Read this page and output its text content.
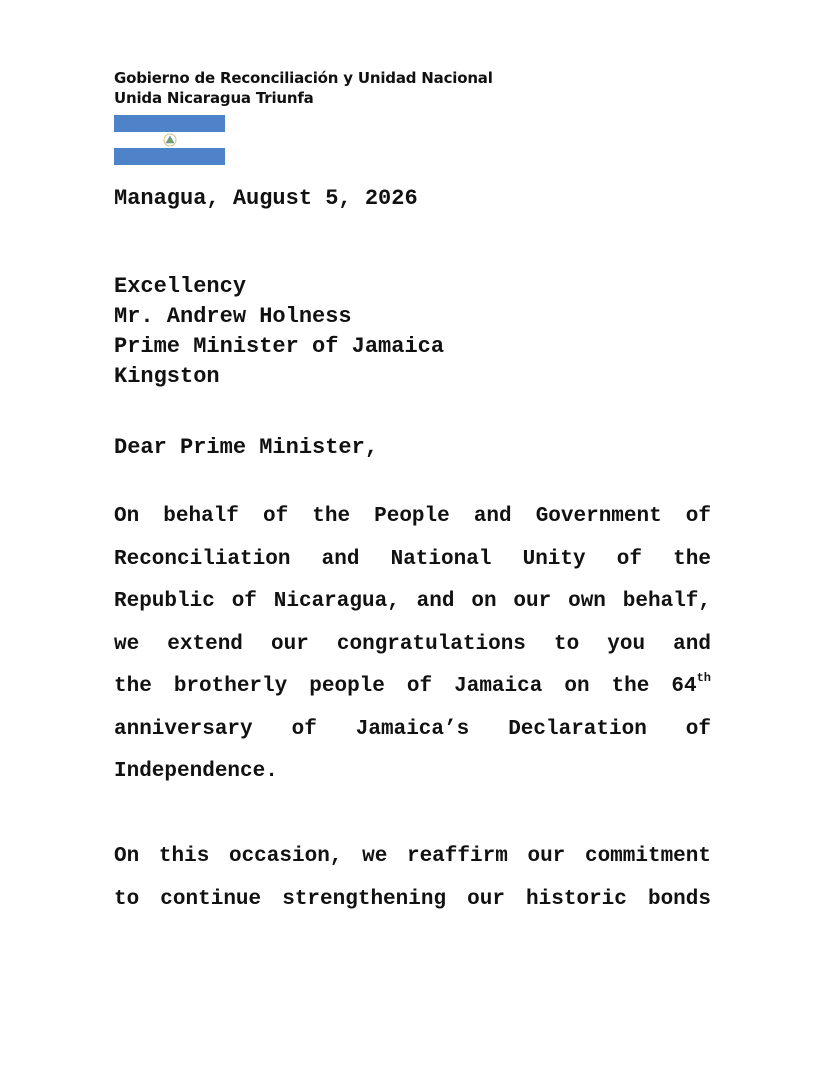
Gobierno de Reconciliación y Unidad Nacional
Unida Nicaragua Triunfa
Managua, August 5, 2026
Excellency
Mr. Andrew Holness
Prime Minister of Jamaica
Kingston
Dear Prime Minister,
On behalf of the People and Government of
Reconciliation and National Unity of the
Republic of Nicaragua, and on our own behalf,
we extend our congratulations to you and
the brotherly people of Jamaica on the 64th
anniversary of Jamaica’s Declaration of
Independence.
On this occasion, we reaffirm our commitment
to continue strengthening our historic bonds
